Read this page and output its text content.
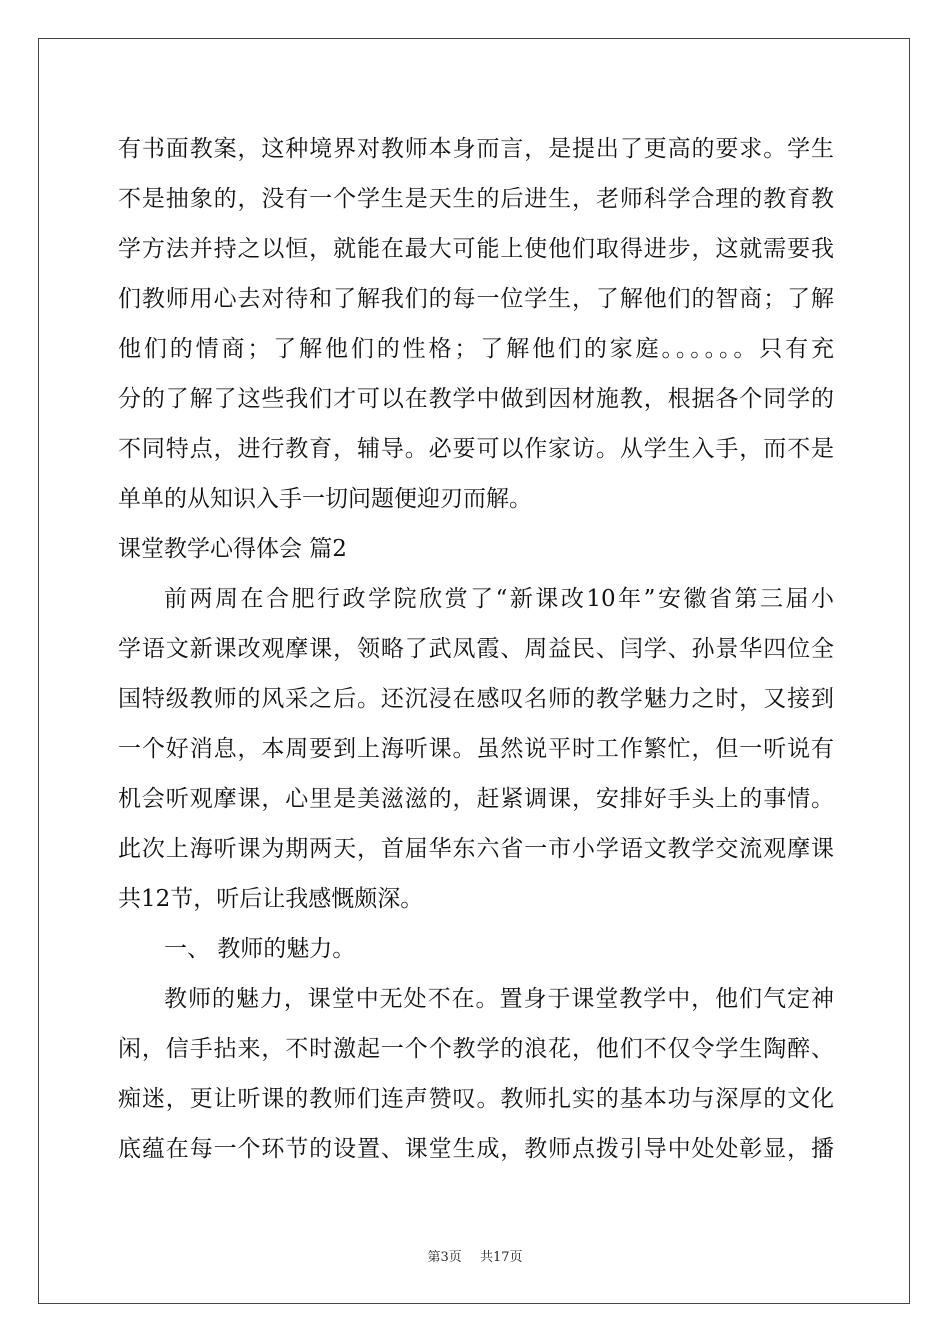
有书面教案，这种境界对教师本身而言，是提出了更高的要求。学生
不是抽象的，没有一个学生是天生的后进生，老师科学合理的教育教
学方法并持之以恒，就能在最大可能上使他们取得进步，这就需要我
们教师用心去对待和了解我们的每一位学生，了解他们的智商；了解
他们的情商；了解他们的性格；了解他们的家庭。。。。。。只有充
分的了解了这些我们才可以在教学中做到因材施教，根据各个同学的
不同特点，进行教育，辅导。必要可以作家访。从学生入手，而不是
单单的从知识入手一切问题便迎刃而解。
课堂教学心得体会 篇2
前两周在合肥行政学院欣赏了“新课改10年”安徽省第三届小
学语文新课改观摩课，领略了武凤霞、周益民、闫学、孙景华四位全
国特级教师的风采之后。还沉浸在感叹名师的教学魅力之时，又接到
一个好消息，本周要到上海听课。虽然说平时工作繁忙，但一听说有
机会听观摩课，心里是美滋滋的，赶紧调课，安排好手头上的事情。
此次上海听课为期两天，首届华东六省一市小学语文教学交流观摩课
共12节，听后让我感慨颇深。
一、 教师的魅力。
教师的魅力，课堂中无处不在。置身于课堂教学中，他们气定神
闲，信手拈来，不时激起一个个教学的浪花，他们不仅令学生陶醉、
痴迷，更让听课的教师们连声赞叹。教师扎实的基本功与深厚的文化
底蕴在每一个环节的设置、课堂生成，教师点拨引导中处处彰显，播
第3页 共17页
